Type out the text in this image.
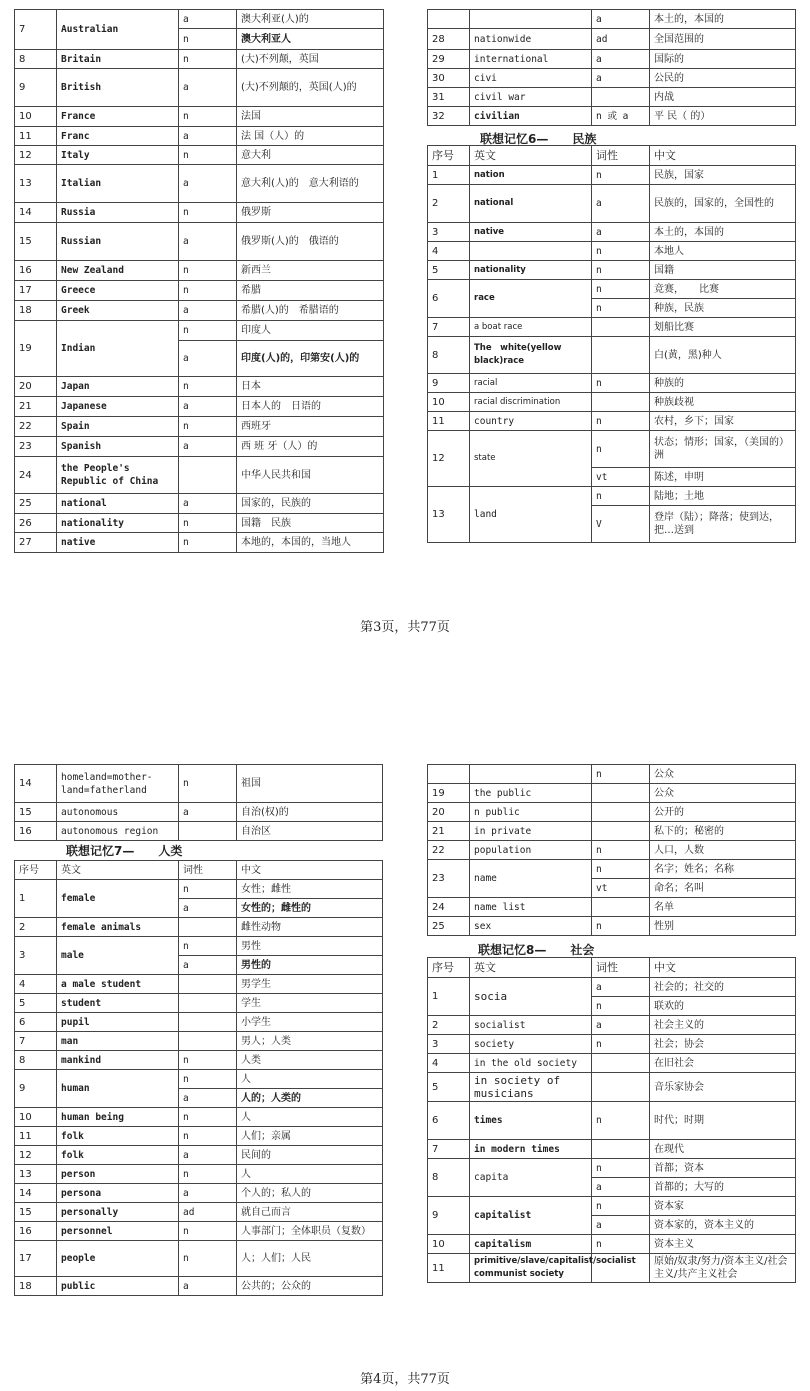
7	Australian	a	澳大利亚(人)的
		n	澳大利亚人
8	Britain	n	(大)不列颠，英国
9	British	a	(大)不列颠的，英国(人)的
10	France	n	法国
11	Franc	a	法 国（人）的
12	Italy	n	意大利
13	Italian	a	意大利(人)的　意大利语的
14	Russia	n	俄罗斯
15	Russian	a	俄罗斯(人)的　俄语的
16	New Zealand	n	新西兰
17	Greece	n	希腊
18	Greek	a	希腊(人)的　希腊语的
19	Indian	n	印度人
		a	印度(人)的，印第安(人)的
20	Japan	n	日本
21	Japanese	a	日本人的　日语的
22	Spain	n	西班牙
23	Spanish	a	西 班 牙（人）的
24	the People's Republic of China		中华人民共和国
25	national	a	国家的，民族的
26	nationality	n	国籍　民族
27	native	n	本地的，本国的，当地人
		a	本土的，本国的
28	nationwide	ad	全国范围的
29	international	a	国际的
30	civi	a	公民的
31	civil war		内战
32	civilian	n 或 a	平 民（ 的）
联想记忆6—　　民族
序号	英文	词性	中文
1	nation	n	民族，国家
2	national	a	民族的，国家的，全国性的
3	native	a	本土的，本国的
4		n	本地人
5	nationality	n	国籍
6	race	n	竞赛，　　比赛
		n	种族，民族
7	a boat race		划船比赛
8	The　white(yellow black)race		白(黄，黑)种人
9	racial	n	种族的
10	racial discrimination		种族歧视
11	country	n	农村，乡下；国家
12	state	n	状态；情形；国家，（美国的）洲
		vt	陈述，申明
13	land	n	陆地；土地
		V	登岸（陆）；降落；使到达，把…送到
第3页，共77页
14	homeland=mother-land=fatherland	n	祖国
15	autonomous	a	自治(权)的
16	autonomous region		自治区
联想记忆7—　　人类
序号	英文	词性	中文
1	female	n	女性；雌性
		a	女性的；雌性的
2	female animals		雌性动物
3	male	n	男性
		a	男性的
4	a male student		男学生
5	student		学生
6	pupil		小学生
7	man		男人；人类
8	mankind	n	人类
9	human	n	人
		a	人的；人类的
10	human being	n	人
11	folk	n	人们；亲属
12	folk	a	民间的
13	person	n	人
14	persona	a	个人的；私人的
15	personally	ad	就自己而言
16	personnel	n	人事部门；全体职员（复数）
17	people	n	人；人们；人民
18	public	a	公共的；公众的
		n	公众
19	the public		公众
20	n public		公开的
21	in private		私下的；秘密的
22	population	n	人口，人数
23	name	n	名字；姓名；名称
		vt	命名；名叫
24	name list		名单
25	sex	n	性别
联想记忆8—　　社会
序号	英文	词性	中文
1	socia	a	社会的；社交的
		n	联欢的
2	socialist	a	社会主义的
3	society	n	社会；协会
4	in the old society		在旧社会
5	in society of musicians		音乐家协会
6	times	n	时代；时期
7	in modern times		在现代
8	capita	n	首都；资本
		a	首都的；大写的
9	capitalist	n	资本家
		a	资本家的，资本主义的
10	capitalism	n	资本主义
11	primitive/slave/capitalist/socialist communist society		原始/奴隶/努力/资本主义/社会主义/共产主义社会
第4页，共77页
